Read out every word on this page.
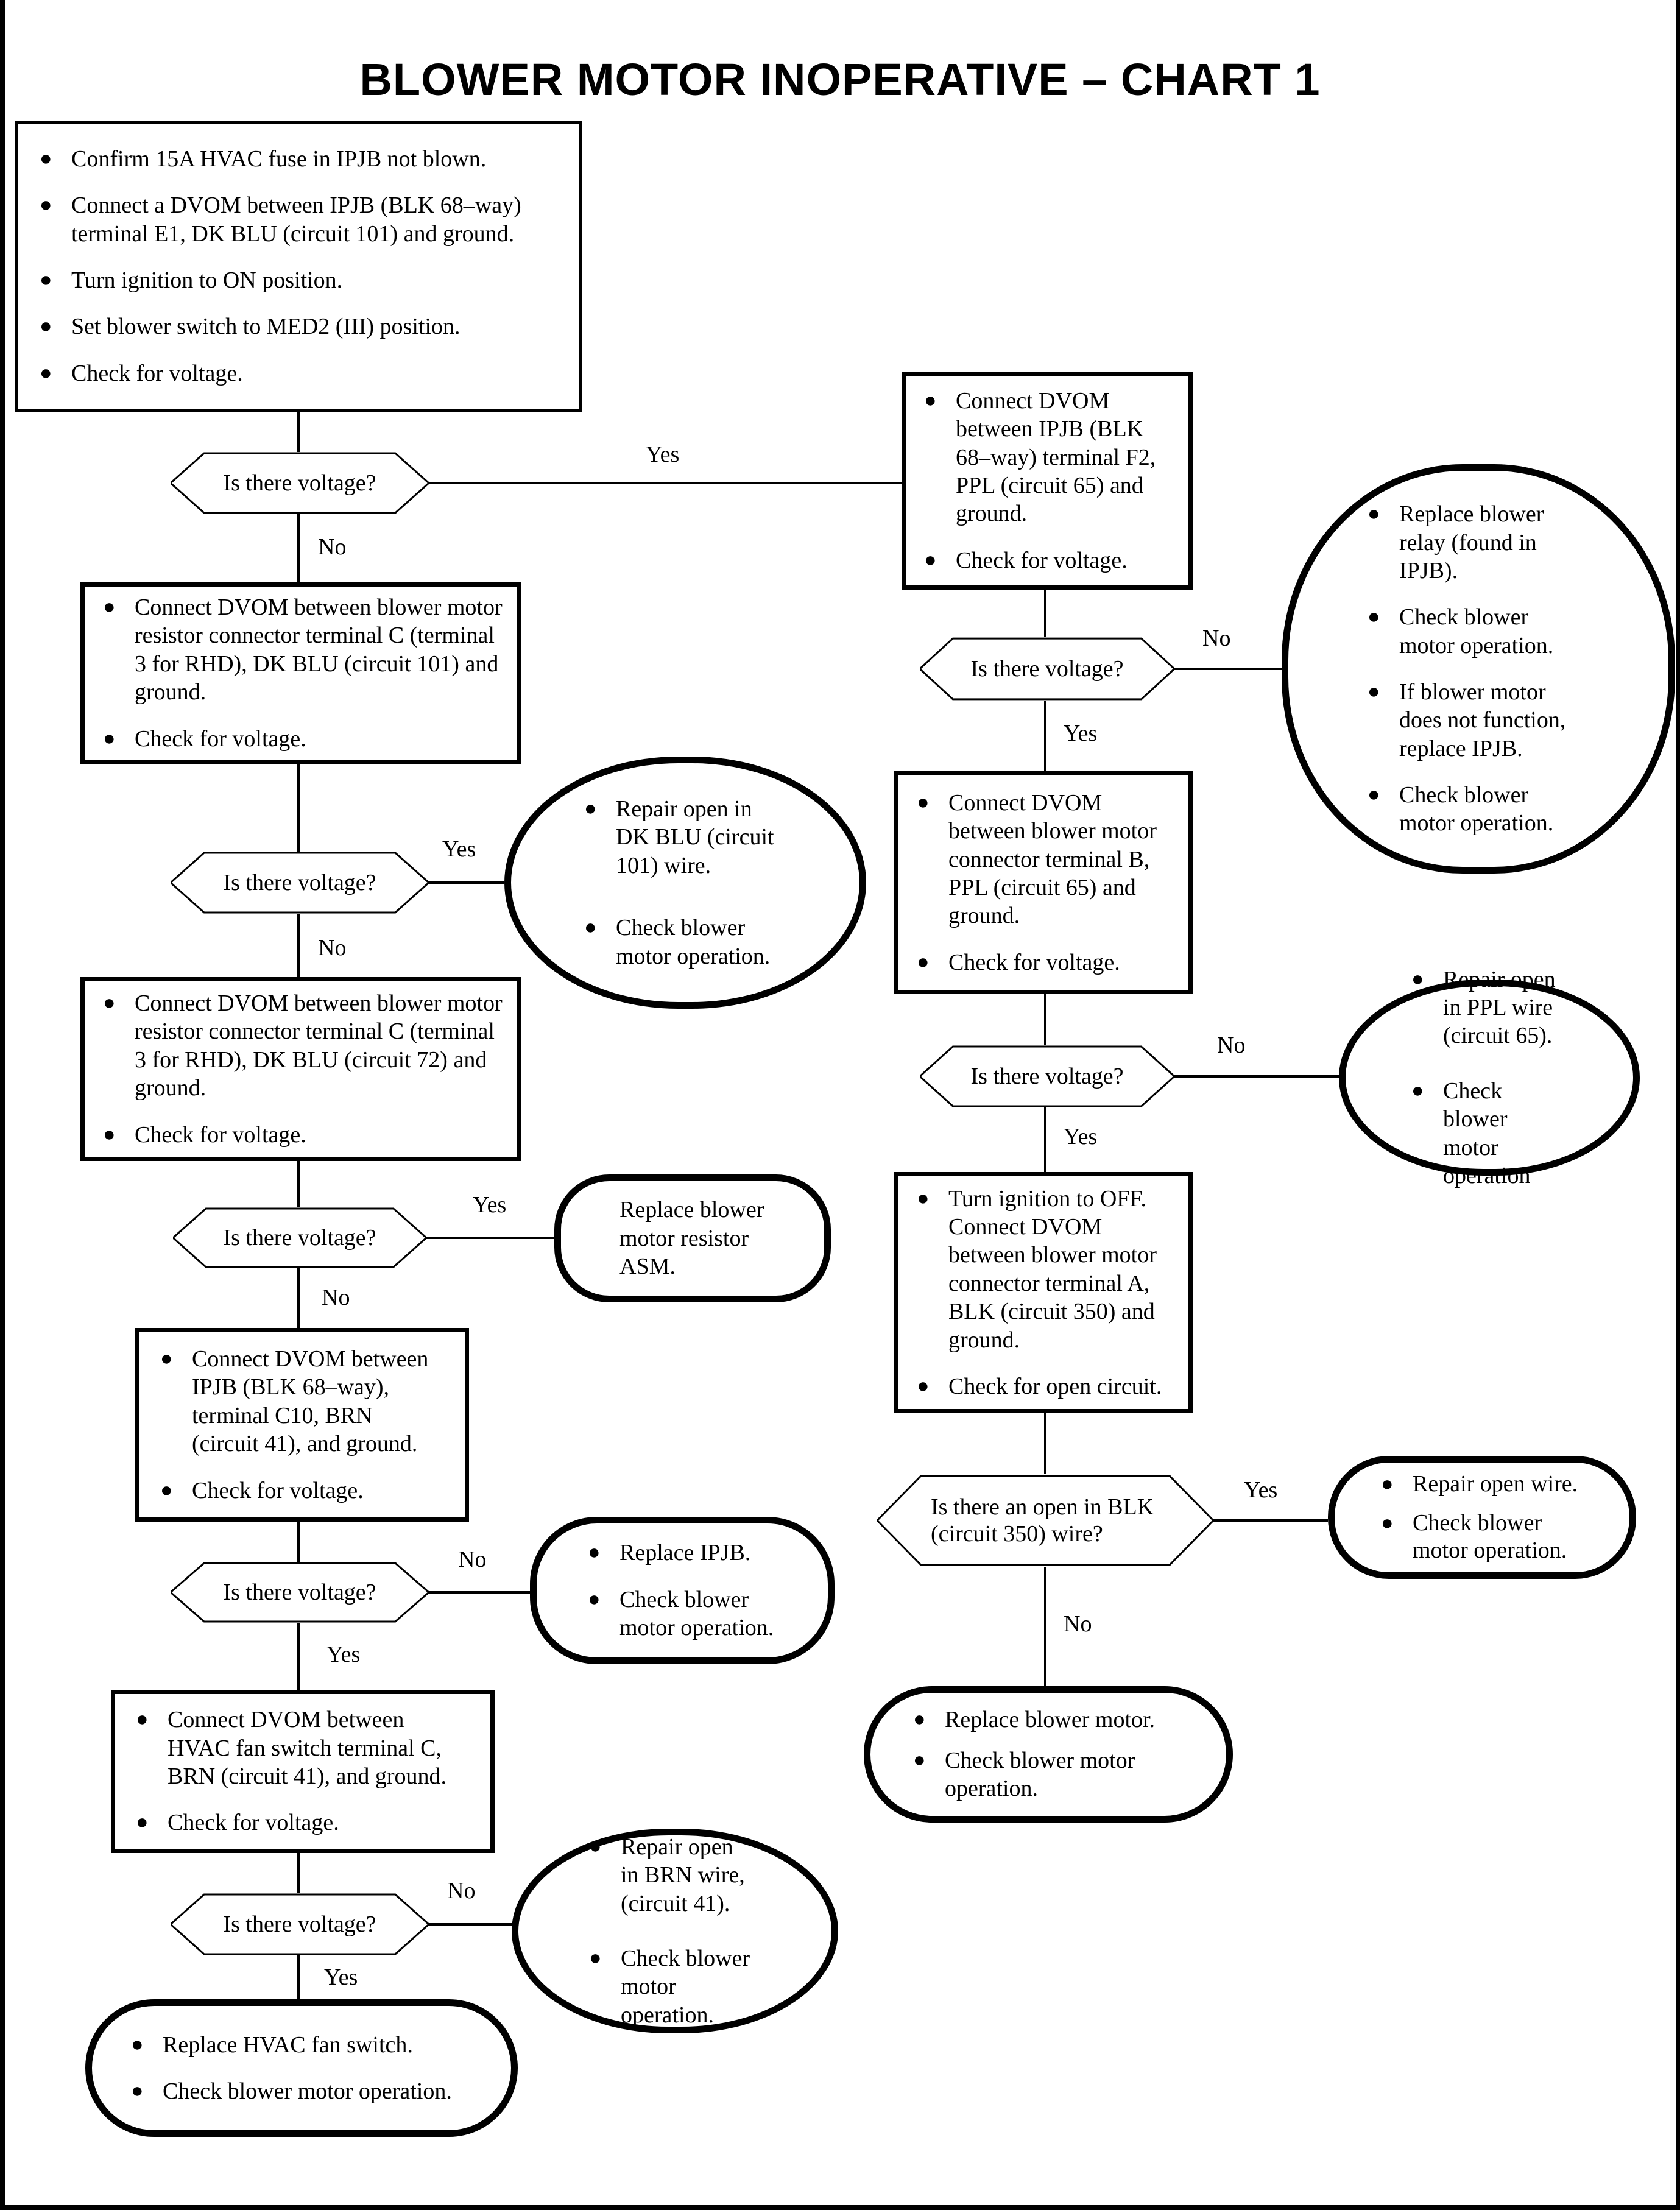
BLOWER MOTOR INOPERATIVE – CHART 1
Yes
No
Yes
No
Yes
No
No
Yes
No
Yes
No
Yes
No
Yes
Yes
No
● Confirm 15A HVAC fuse in IPJB not blown.
● Connect a DVOM between IPJB (BLK 68–way) terminal E1, DK BLU (circuit 101) and ground.
● Turn ignition to ON position.
● Set blower switch to MED2 (III) position.
● Check for voltage.
Is there voltage?
● Connect DVOM between blower motor resistor connector terminal C (terminal 3 for RHD), DK BLU (circuit 101) and ground.
● Check for voltage.
Is there voltage?
● Repair open in DK BLU (circuit 101) wire.
● Check blower motor operation.
● Connect DVOM between blower motor resistor connector terminal C (terminal 3 for RHD), DK BLU (circuit 72) and ground.
● Check for voltage.
Is there voltage?
Replace blower motor resistor ASM.
● Connect DVOM between IPJB (BLK 68–way), terminal C10, BRN (circuit 41), and ground.
● Check for voltage.
Is there voltage?
● Replace IPJB.
● Check blower motor operation.
● Connect DVOM between HVAC fan switch terminal C, BRN (circuit 41), and ground.
● Check for voltage.
Is there voltage?
● Repair open in BRN wire, (circuit 41).
● Check blower motor operation.
● Replace HVAC fan switch.
● Check blower motor operation.
● Connect DVOM between IPJB (BLK 68–way) terminal F2, PPL (circuit 65) and ground.
● Check for voltage.
Is there voltage?
● Replace blower relay (found in IPJB).
● Check blower motor operation.
● If blower motor does not function, replace IPJB.
● Check blower motor operation.
● Connect DVOM between blower motor connector terminal B, PPL (circuit 65) and ground.
● Check for voltage.
Is there voltage?
● Repair open in PPL wire (circuit 65).
● Check blower motor operation
● Turn ignition to OFF. Connect DVOM between blower motor connector terminal A, BLK (circuit 350) and ground.
● Check for open circuit.
Is there an open in BLK (circuit 350) wire?
● Repair open wire.
● Check blower motor operation.
● Replace blower motor.
● Check blower motor operation.
